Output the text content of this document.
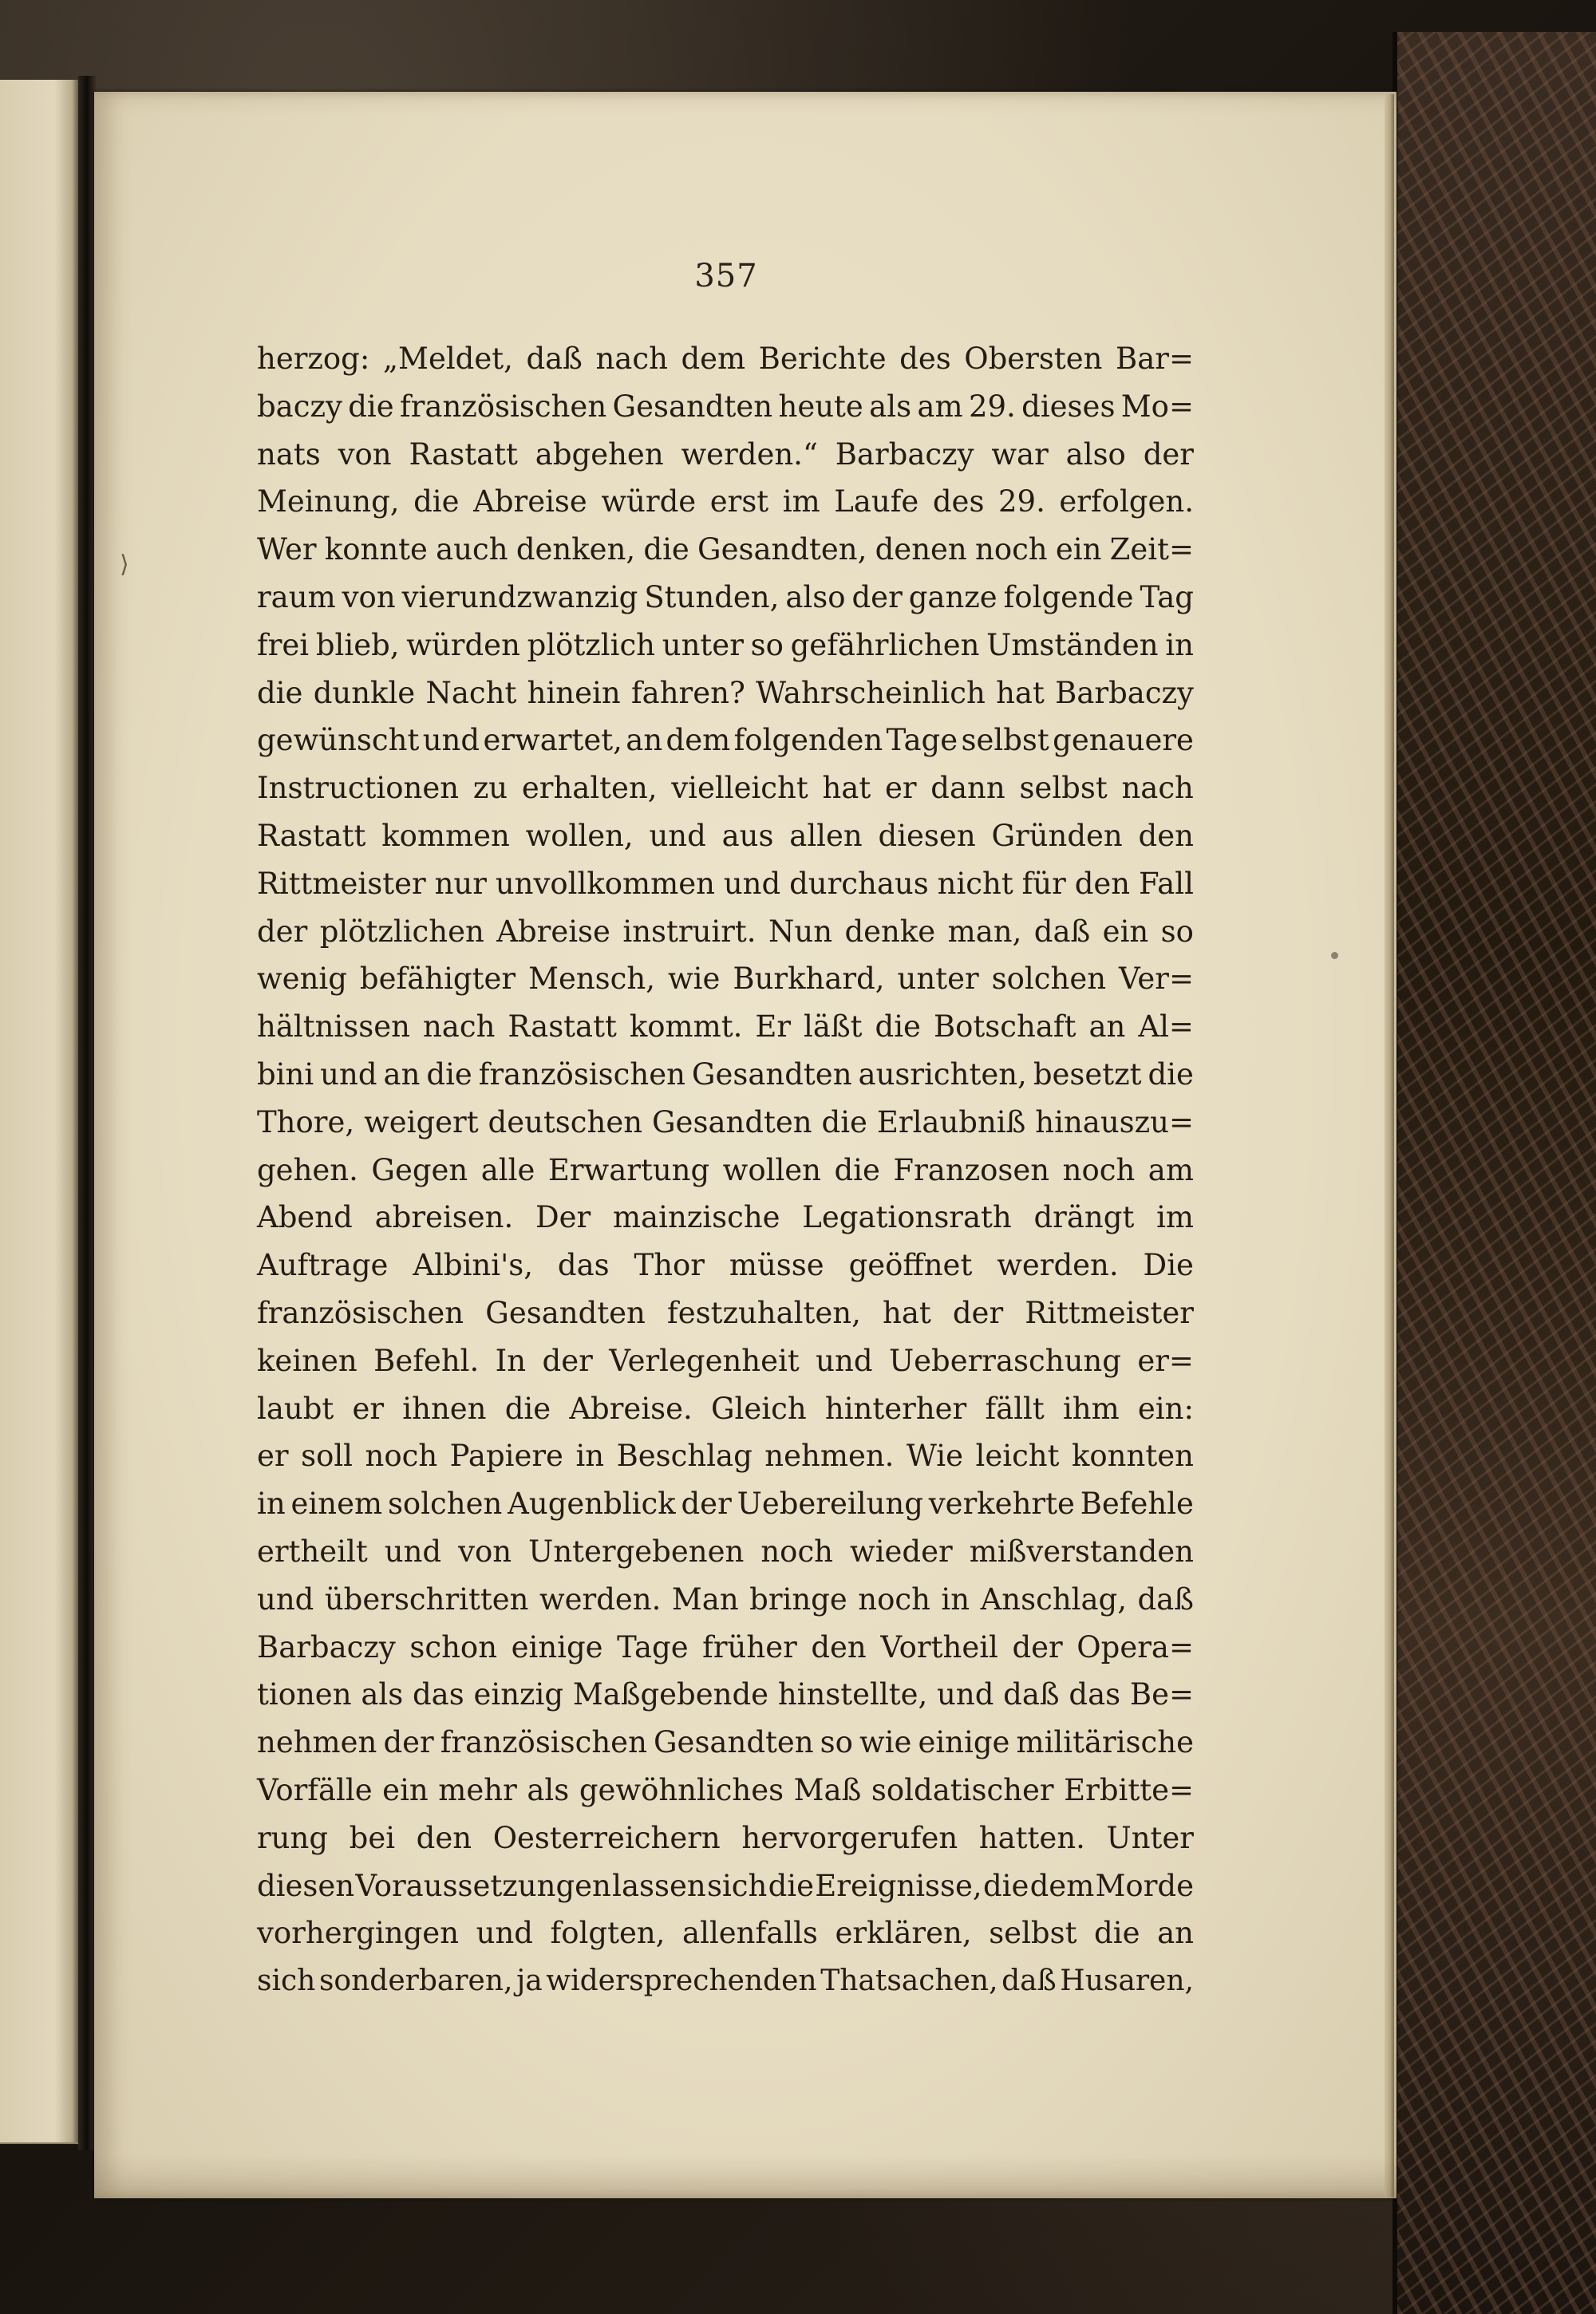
⟩
357
herzog: „Meldet, daß nach dem Berichte des Obersten Bar=
baczy die französischen Gesandten heute als am 29. dieses Mo=
nats von Rastatt abgehen werden.“ Barbaczy war also der
Meinung, die Abreise würde erst im Laufe des 29. erfolgen.
Wer konnte auch denken, die Gesandten, denen noch ein Zeit=
raum von vierundzwanzig Stunden, also der ganze folgende Tag
frei blieb, würden plötzlich unter so gefährlichen Umständen in
die dunkle Nacht hinein fahren? Wahrscheinlich hat Barbaczy
gewünscht und erwartet, an dem folgenden Tage selbst genauere
Instructionen zu erhalten, vielleicht hat er dann selbst nach
Rastatt kommen wollen, und aus allen diesen Gründen den
Rittmeister nur unvollkommen und durchaus nicht für den Fall
der plötzlichen Abreise instruirt. Nun denke man, daß ein so
wenig befähigter Mensch, wie Burkhard, unter solchen Ver=
hältnissen nach Rastatt kommt. Er läßt die Botschaft an Al=
bini und an die französischen Gesandten ausrichten, besetzt die
Thore, weigert deutschen Gesandten die Erlaubniß hinauszu=
gehen. Gegen alle Erwartung wollen die Franzosen noch am
Abend abreisen. Der mainzische Legationsrath drängt im
Auftrage Albini's, das Thor müsse geöffnet werden. Die
französischen Gesandten festzuhalten, hat der Rittmeister
keinen Befehl. In der Verlegenheit und Ueberraschung er=
laubt er ihnen die Abreise. Gleich hinterher fällt ihm ein:
er soll noch Papiere in Beschlag nehmen. Wie leicht konnten
in einem solchen Augenblick der Uebereilung verkehrte Befehle
ertheilt und von Untergebenen noch wieder mißverstanden
und überschritten werden. Man bringe noch in Anschlag, daß
Barbaczy schon einige Tage früher den Vortheil der Opera=
tionen als das einzig Maßgebende hinstellte, und daß das Be=
nehmen der französischen Gesandten so wie einige militärische
Vorfälle ein mehr als gewöhnliches Maß soldatischer Erbitte=
rung bei den Oesterreichern hervorgerufen hatten. Unter
diesen Voraussetzungen lassen sich die Ereignisse, die dem Morde
vorhergingen und folgten, allenfalls erklären, selbst die an
sich sonderbaren, ja widersprechenden Thatsachen, daß Husaren,
